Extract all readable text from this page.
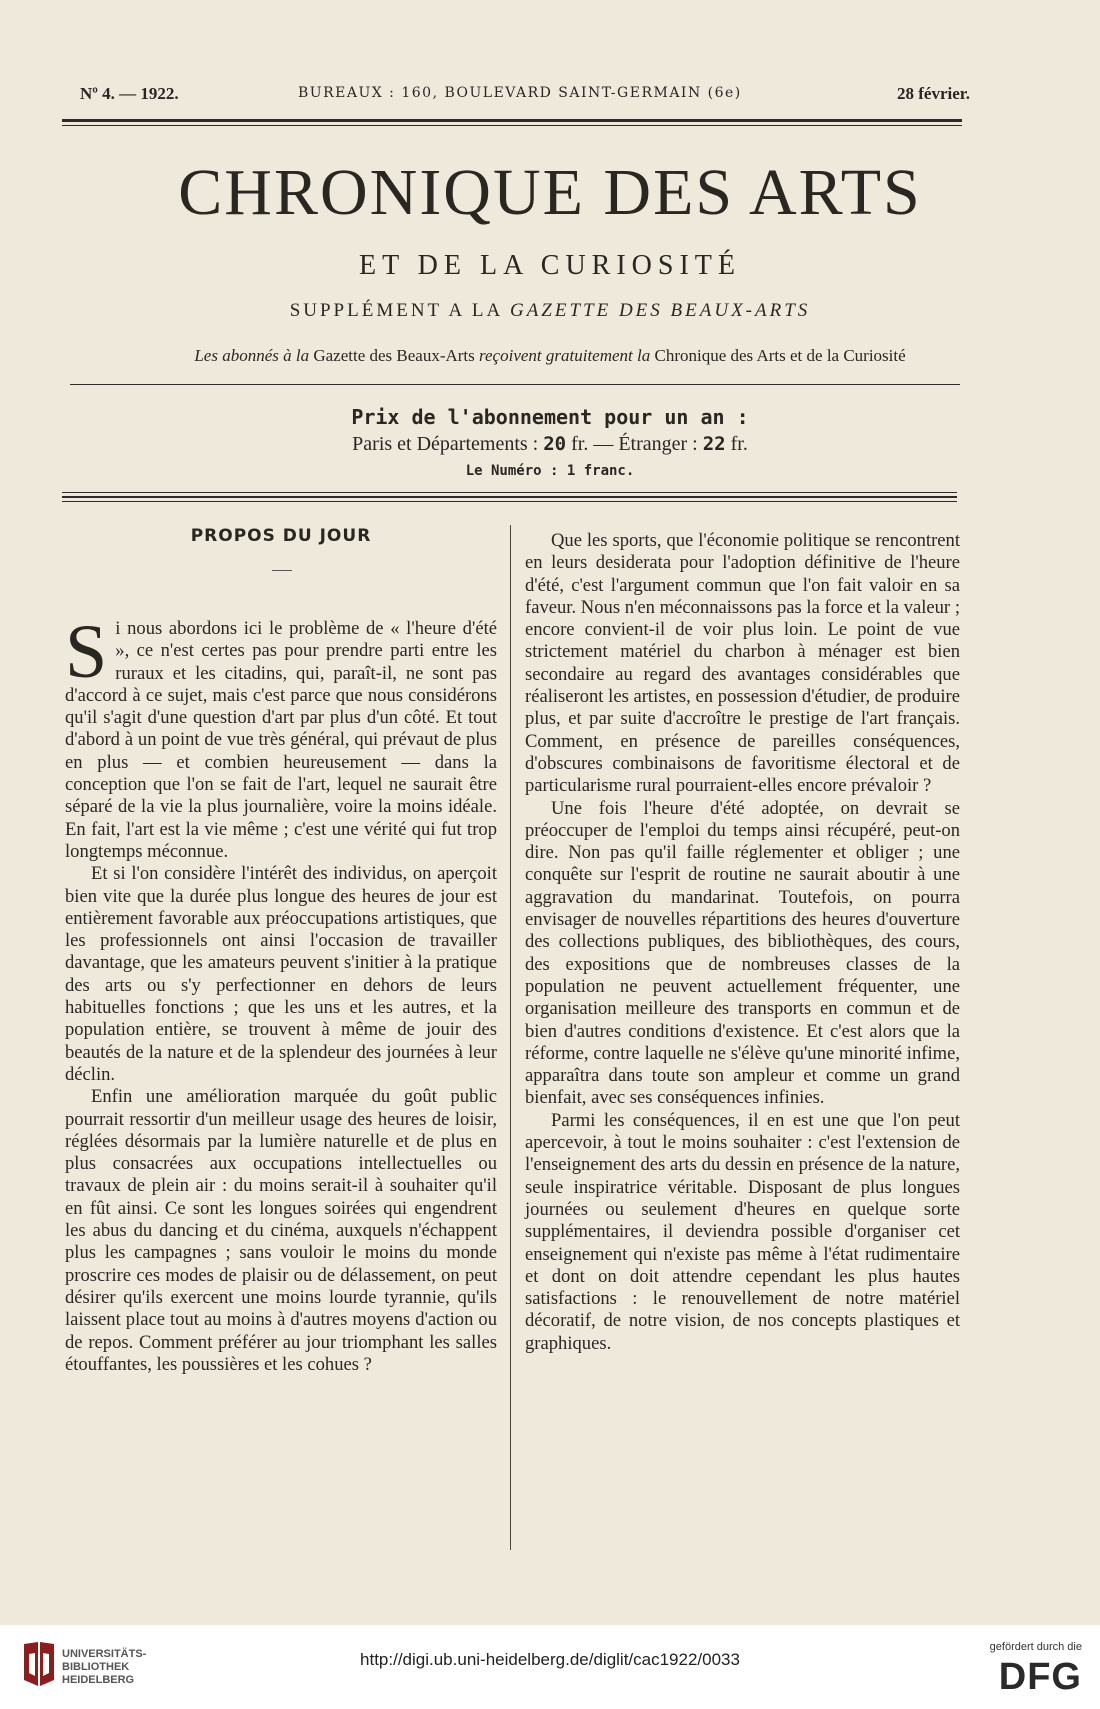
Nº 4. — 1922.	BUREAUX : 160, BOULEVARD SAINT-GERMAIN (6e)	28 février.
CHRONIQUE DES ARTS
ET DE LA CURIOSITÉ
SUPPLÉMENT A LA GAZETTE DES BEAUX-ARTS
Les abonnés à la Gazette des Beaux-Arts reçoivent gratuitement la Chronique des Arts et de la Curiosité
Prix de l'abonnement pour un an :
Paris et Départements : 20 fr. — Étranger : 22 fr.
Le Numéro : 1 franc.
PROPOS DU JOUR

Si nous abordons ici le problème de « l'heure d'été », ce n'est certes pas pour prendre parti entre les ruraux et les citadins, qui, paraît-il, ne sont pas d'accord à ce sujet, mais c'est parce que nous considérons qu'il s'agit d'une question d'art par plus d'un côté. Et tout d'abord à un point de vue très général, qui prévaut de plus en plus — et combien heureusement — dans la conception que l'on se fait de l'art, lequel ne saurait être séparé de la vie la plus journalière, voire la moins idéale. En fait, l'art est la vie même ; c'est une vérité qui fut trop longtemps méconnue.

Et si l'on considère l'intérêt des individus, on aperçoit bien vite que la durée plus longue des heures de jour est entièrement favorable aux préoccupations artistiques, que les professionnels ont ainsi l'occasion de travailler davantage, que les amateurs peuvent s'initier à la pratique des arts ou s'y perfectionner en dehors de leurs habituelles fonctions ; que les uns et les autres, et la population entière, se trouvent à même de jouir des beautés de la nature et de la splendeur des journées à leur déclin.

Enfin une amélioration marquée du goût public pourrait ressortir d'un meilleur usage des heures de loisir, réglées désormais par la lumière naturelle et de plus en plus consacrées aux occupations intellectuelles ou travaux de plein air : du moins serait-il à souhaiter qu'il en fût ainsi. Ce sont les longues soirées qui engendrent les abus du dancing et du cinéma, auxquels n'échappent plus les campagnes ; sans vouloir le moins du monde proscrire ces modes de plaisir ou de délassement, on peut désirer qu'ils exercent une moins lourde tyrannie, qu'ils laissent place tout au moins à d'autres moyens d'action ou de repos. Comment préférer au jour triomphant les salles étouffantes, les poussières et les cohues ?

Que les sports, que l'économie politique se rencontrent en leurs desiderata pour l'adoption définitive de l'heure d'été, c'est l'argument commun que l'on fait valoir en sa faveur. Nous n'en méconnaissons pas la force et la valeur ; encore convient-il de voir plus loin. Le point de vue strictement matériel du charbon à ménager est bien secondaire au regard des avantages considérables que réaliseront les artistes, en possession d'étudier, de produire plus, et par suite d'accroître le prestige de l'art français. Comment, en présence de pareilles conséquences, d'obscures combinaisons de favoritisme électoral et de particularisme rural pourraient-elles encore prévaloir ?

Une fois l'heure d'été adoptée, on devrait se préoccuper de l'emploi du temps ainsi récupéré, peut-on dire. Non pas qu'il faille réglementer et obliger ; une conquête sur l'esprit de routine ne saurait aboutir à une aggravation du mandarinat. Toutefois, on pourra envisager de nouvelles répartitions des heures d'ouverture des collections publiques, des bibliothèques, des cours, des expositions que de nombreuses classes de la population ne peuvent actuellement fréquenter, une organisation meilleure des transports en commun et de bien d'autres conditions d'existence. Et c'est alors que la réforme, contre laquelle ne s'élève qu'une minorité infime, apparaîtra dans toute son ampleur et comme un grand bienfait, avec ses conséquences infinies.

Parmi les conséquences, il en est une que l'on peut apercevoir, à tout le moins souhaiter : c'est l'extension de l'enseignement des arts du dessin en présence de la nature, seule inspiratrice véritable. Disposant de plus longues journées ou seulement d'heures en quelque sorte supplémentaires, il deviendra possible d'organiser cet enseignement qui n'existe pas même à l'état rudimentaire et dont on doit attendre cependant les plus hautes satisfactions : le renouvellement de notre matériel décoratif, de notre vision, de nos concepts plastiques et graphiques.

UNIVERSITÄTS-
BIBLIOTHEK
HEIDELBERG
http://digi.ub.uni-heidelberg.de/diglit/cac1922/0033
gefördert durch die
DFG
